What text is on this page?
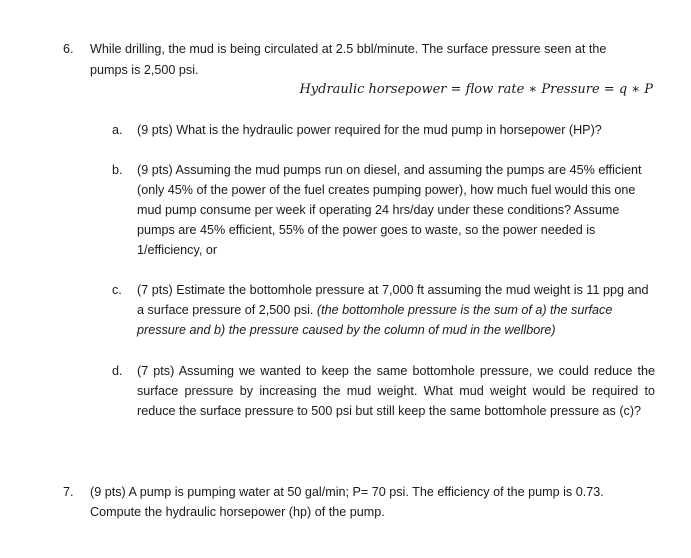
6. While drilling, the mud is being circulated at 2.5 bbl/minute. The surface pressure seen at the
pumps is 2,500 psi.
Hydraulic horsepower = flow rate ∗ Pressure = q ∗ P
a. (9 pts) What is the hydraulic power required for the mud pump in horsepower (HP)?
b. (9 pts) Assuming the mud pumps run on diesel, and assuming the pumps are 45% efficient (only 45% of the power of the fuel creates pumping power), how much fuel would this one mud pump consume per week if operating 24 hrs/day under these conditions? Assume pumps are 45% efficient, 55% of the power goes to waste, so the power needed is 1/efficiency, or
c. (7 pts) Estimate the bottomhole pressure at 7,000 ft assuming the mud weight is 11 ppg and a surface pressure of 2,500 psi. (the bottomhole pressure is the sum of a) the surface pressure and b) the pressure caused by the column of mud in the wellbore)
d. (7 pts) Assuming we wanted to keep the same bottomhole pressure, we could reduce the surface pressure by increasing the mud weight. What mud weight would be required to reduce the surface pressure to 500 psi but still keep the same bottomhole pressure as (c)?
7. (9 pts) A pump is pumping water at 50 gal/min; P= 70 psi. The efficiency of the pump is 0.73.
Compute the hydraulic horsepower (hp) of the pump.
